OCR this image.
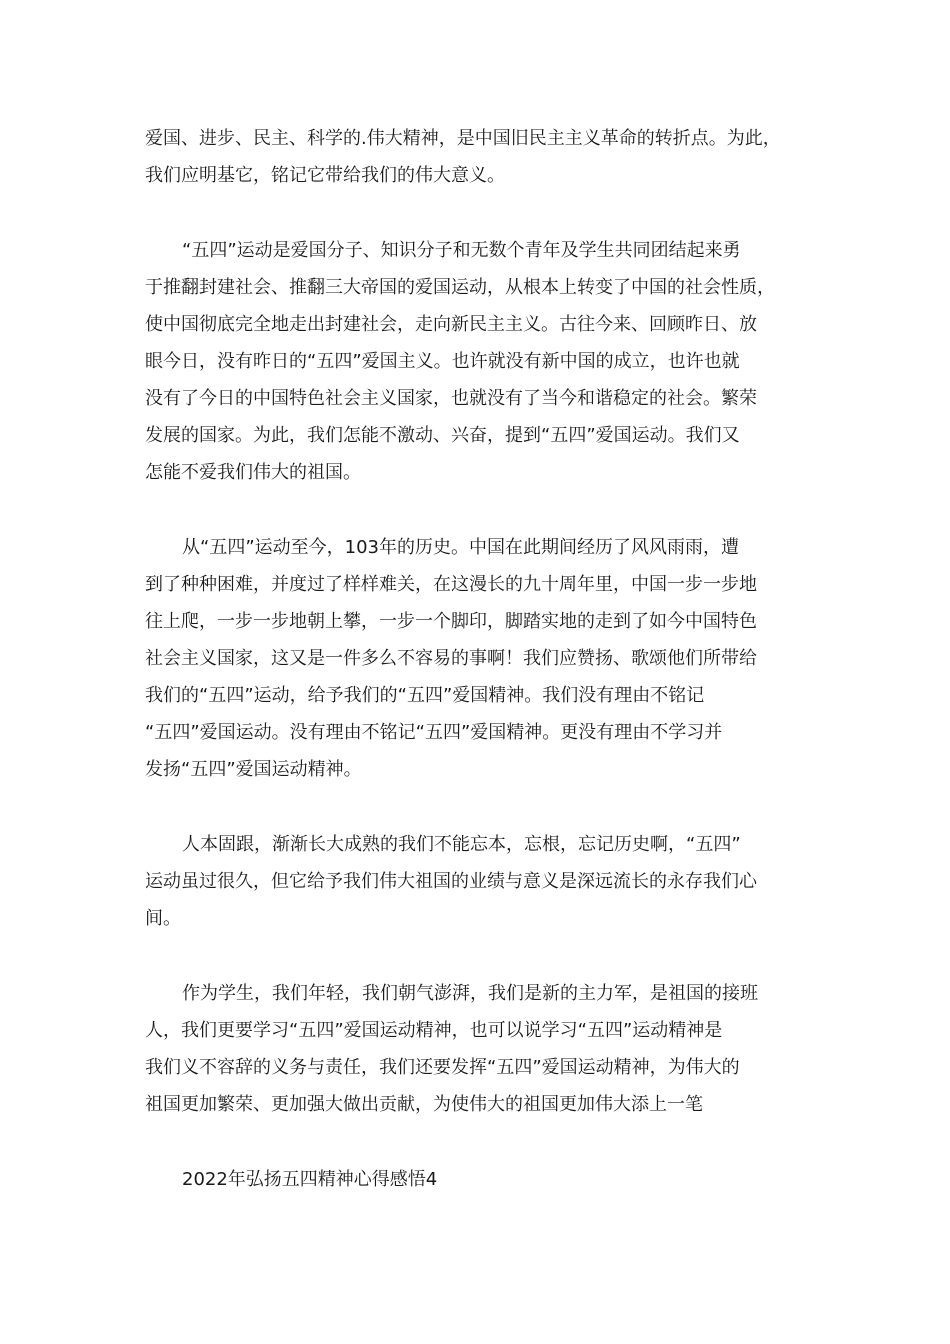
爱国、进步、民主、科学的.伟大精神，是中国旧民主主义革命的转折点。为此，
我们应明基它，铭记它带给我们的伟大意义。
“五四”运动是爱国分子、知识分子和无数个青年及学生共同团结起来勇
于推翻封建社会、推翻三大帝国的爱国运动，从根本上转变了中国的社会性质，
使中国彻底完全地走出封建社会，走向新民主主义。古往今来、回顾昨日、放
眼今日，没有昨日的“五四”爱国主义。也许就没有新中国的成立，也许也就
没有了今日的中国特色社会主义国家，也就没有了当今和谐稳定的社会。繁荣
发展的国家。为此，我们怎能不激动、兴奋，提到“五四”爱国运动。我们又
怎能不爱我们伟大的祖国。
从“五四”运动至今，103年的历史。中国在此期间经历了风风雨雨，遭
到了种种困难，并度过了样样难关，在这漫长的九十周年里，中国一步一步地
往上爬，一步一步地朝上攀，一步一个脚印，脚踏实地的走到了如今中国特色
社会主义国家，这又是一件多么不容易的事啊！我们应赞扬、歌颂他们所带给
我们的“五四”运动，给予我们的“五四”爱国精神。我们没有理由不铭记
“五四”爱国运动。没有理由不铭记“五四”爱国精神。更没有理由不学习并
发扬“五四”爱国运动精神。
人本固跟，渐渐长大成熟的我们不能忘本，忘根，忘记历史啊，“五四”
运动虽过很久，但它给予我们伟大祖国的业绩与意义是深远流长的永存我们心
间。
作为学生，我们年轻，我们朝气澎湃，我们是新的主力军，是祖国的接班
人，我们更要学习“五四”爱国运动精神，也可以说学习“五四”运动精神是
我们义不容辞的义务与责任，我们还要发挥“五四”爱国运动精神，为伟大的
祖国更加繁荣、更加强大做出贡献，为使伟大的祖国更加伟大添上一笔

2022年弘扬五四精神心得感悟4
